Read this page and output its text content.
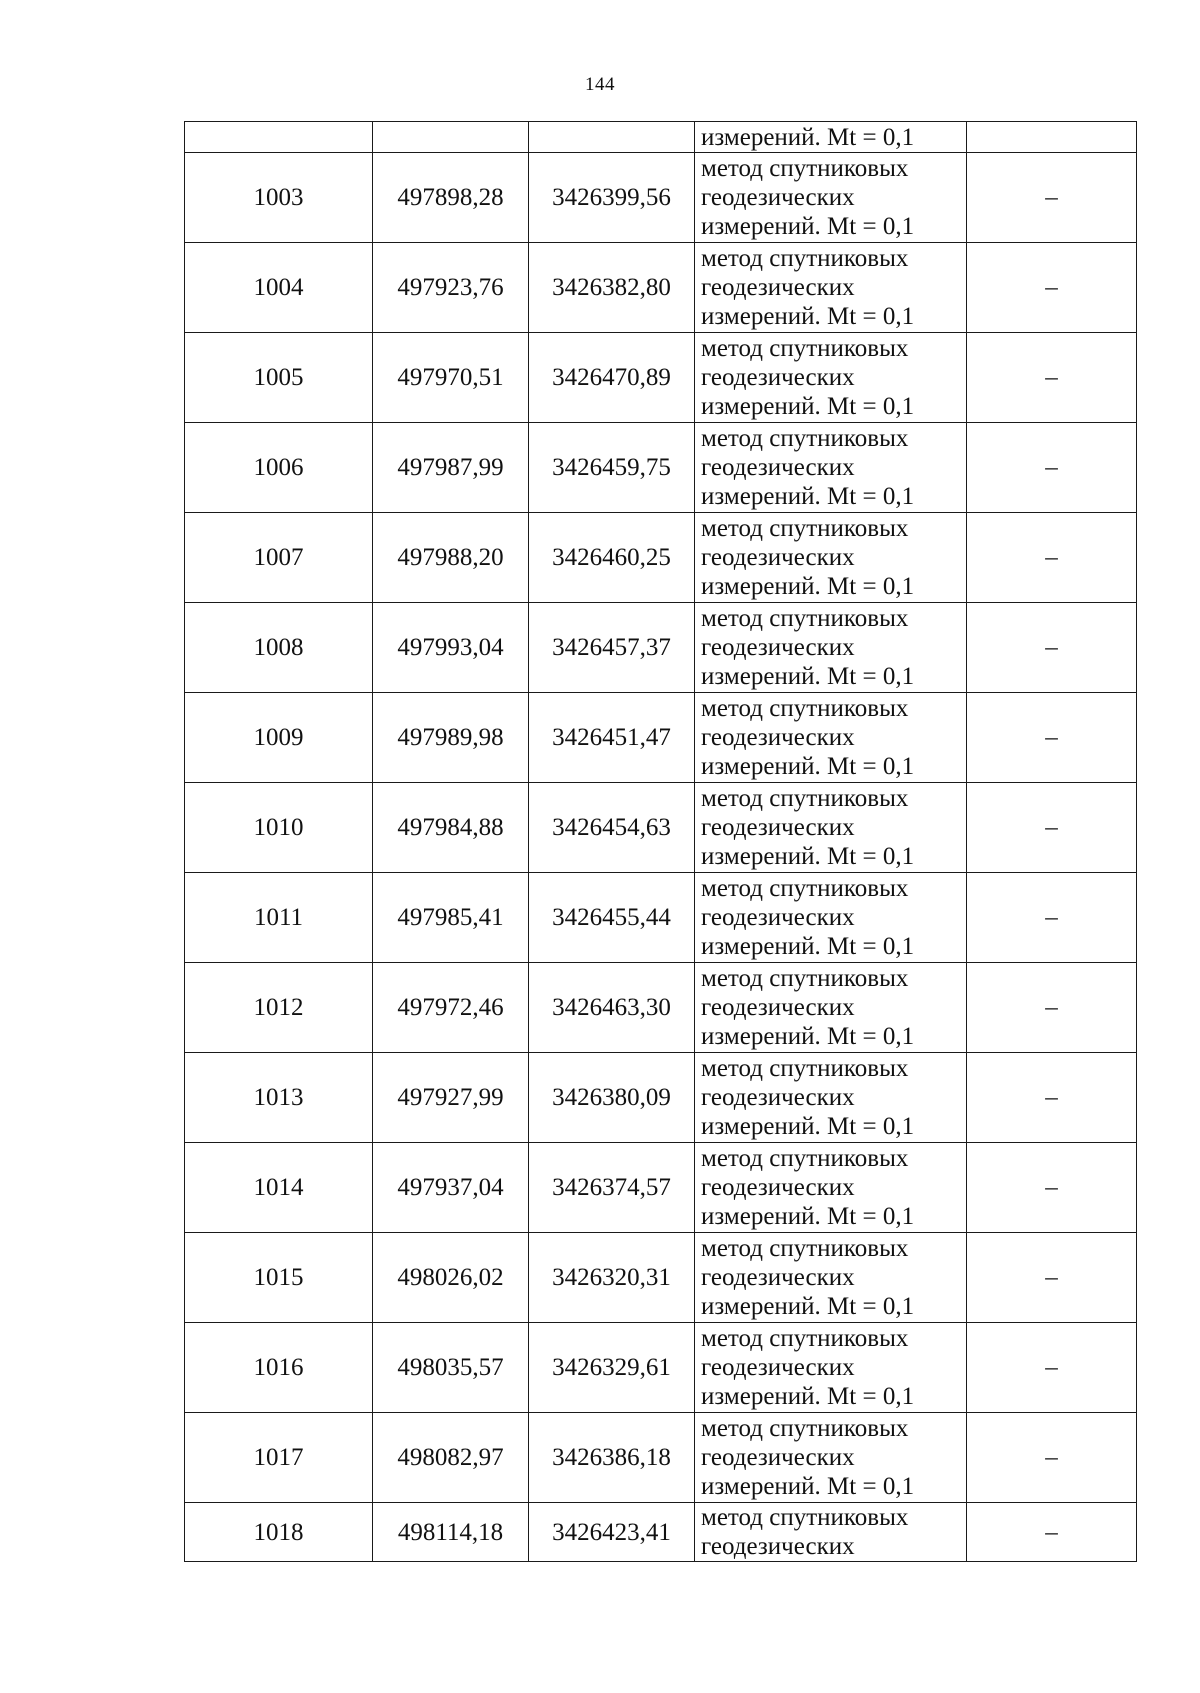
144

			измерений. Mt = 0,1	

1003	497898,28	3426399,56	метод спутниковых
геодезических
измерений. Mt = 0,1	–
1004	497923,76	3426382,80	метод спутниковых
геодезических
измерений. Mt = 0,1	–
1005	497970,51	3426470,89	метод спутниковых
геодезических
измерений. Mt = 0,1	–
1006	497987,99	3426459,75	метод спутниковых
геодезических
измерений. Mt = 0,1	–
1007	497988,20	3426460,25	метод спутниковых
геодезических
измерений. Mt = 0,1	–
1008	497993,04	3426457,37	метод спутниковых
геодезических
измерений. Mt = 0,1	–
1009	497989,98	3426451,47	метод спутниковых
геодезических
измерений. Mt = 0,1	–
1010	497984,88	3426454,63	метод спутниковых
геодезических
измерений. Mt = 0,1	–
1011	497985,41	3426455,44	метод спутниковых
геодезических
измерений. Mt = 0,1	–
1012	497972,46	3426463,30	метод спутниковых
геодезических
измерений. Mt = 0,1	–
1013	497927,99	3426380,09	метод спутниковых
геодезических
измерений. Mt = 0,1	–
1014	497937,04	3426374,57	метод спутниковых
геодезических
измерений. Mt = 0,1	–
1015	498026,02	3426320,31	метод спутниковых
геодезических
измерений. Mt = 0,1	–
1016	498035,57	3426329,61	метод спутниковых
геодезических
измерений. Mt = 0,1	–
1017	498082,97	3426386,18	метод спутниковых
геодезических
измерений. Mt = 0,1	–
1018	498114,18	3426423,41	метод спутниковых
геодезических	–
